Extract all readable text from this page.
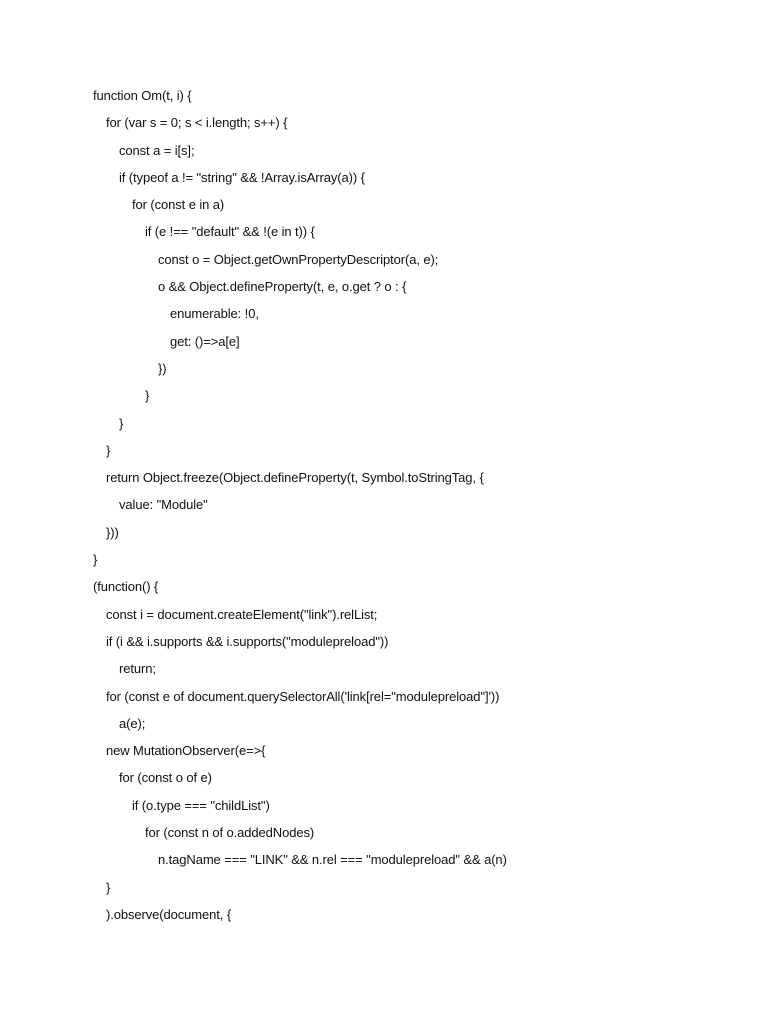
function Om(t, i) {
for (var s = 0; s < i.length; s++) {
const a = i[s];
if (typeof a != "string" && !Array.isArray(a)) {
for (const e in a)
if (e !== "default" && !(e in t)) {
const o = Object.getOwnPropertyDescriptor(a, e);
o && Object.defineProperty(t, e, o.get ? o : {
enumerable: !0,
get: ()=>a[e]
})
}
}
}
return Object.freeze(Object.defineProperty(t, Symbol.toStringTag, {
value: "Module"
}))
}
(function() {
const i = document.createElement("link").relList;
if (i && i.supports && i.supports("modulepreload"))
return;
for (const e of document.querySelectorAll('link[rel="modulepreload"]'))
a(e);
new MutationObserver(e=>{
for (const o of e)
if (o.type === "childList")
for (const n of o.addedNodes)
n.tagName === "LINK" && n.rel === "modulepreload" && a(n)
}
).observe(document, {
